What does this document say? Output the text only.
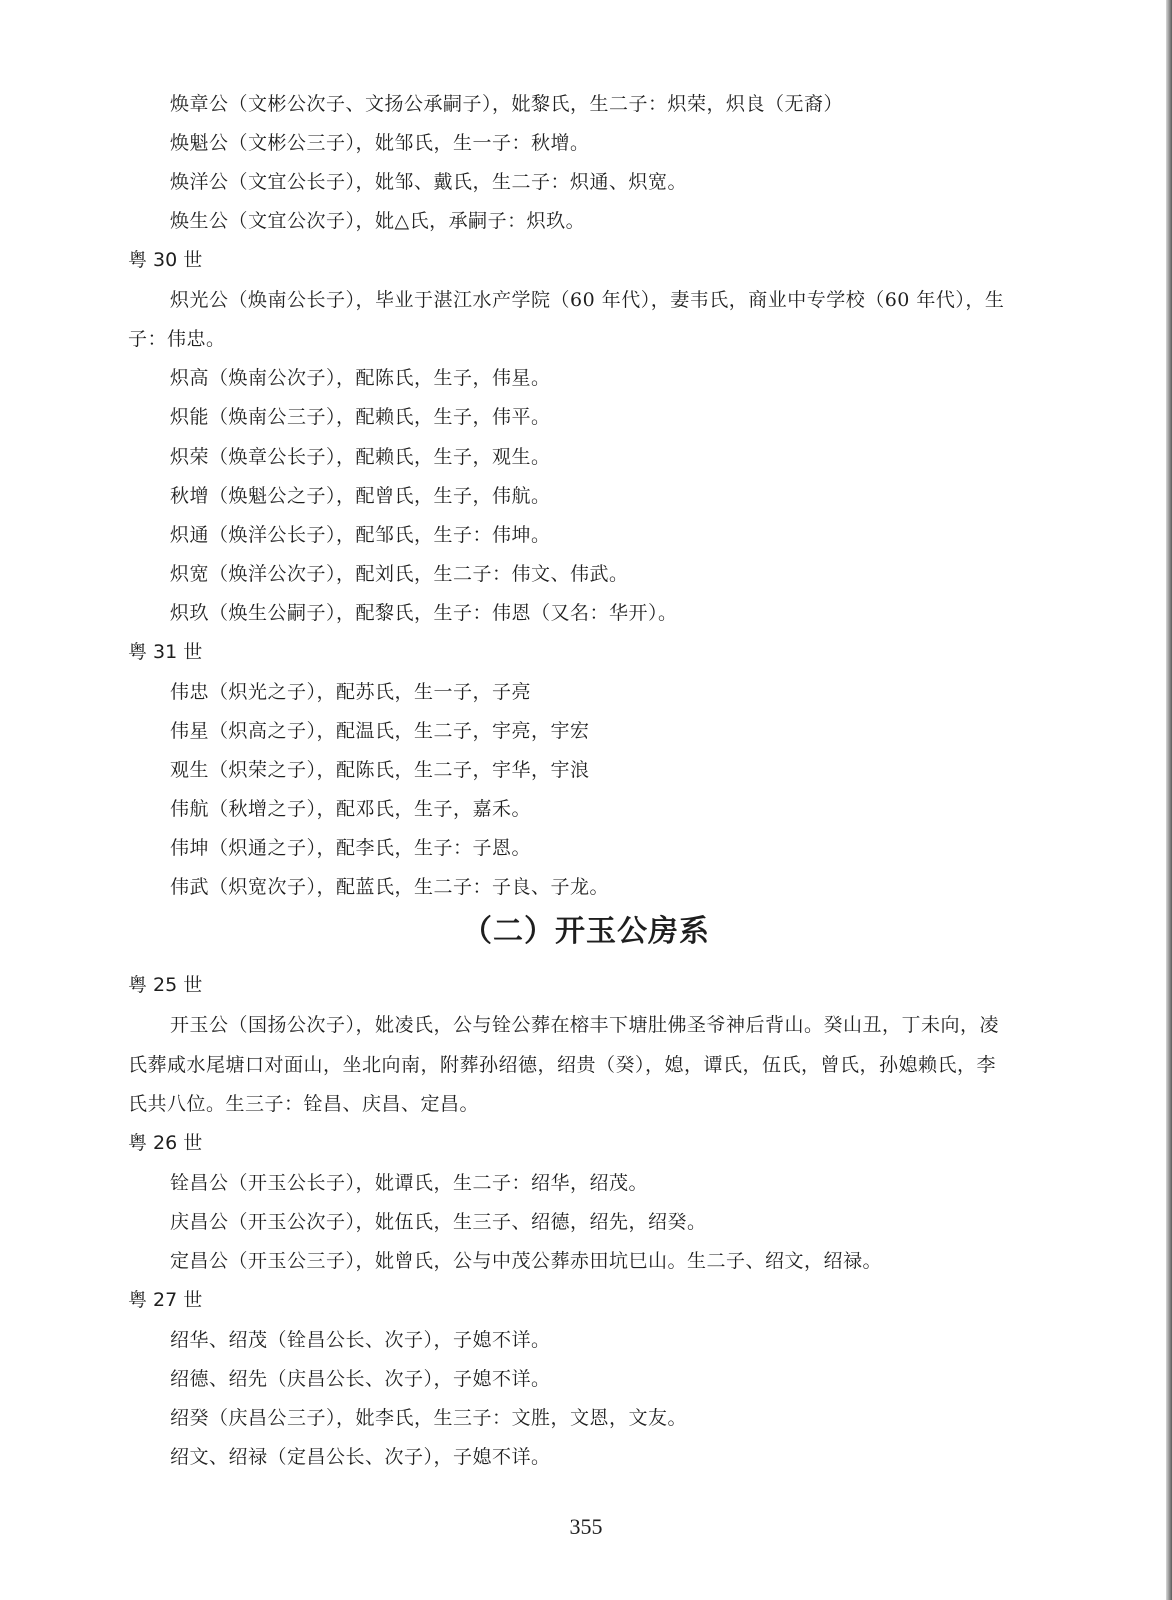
焕章公（文彬公次子、文扬公承嗣子），妣黎氏，生二子：炽荣，炽良（无裔）
焕魁公（文彬公三子），妣邹氏，生一子：秋增。
焕洋公（文宜公长子），妣邹、戴氏，生二子：炽通、炽宽。
焕生公（文宜公次子），妣△氏，承嗣子：炽玖。
粤 30 世
炽光公（焕南公长子），毕业于湛江水产学院（60 年代），妻韦氏，商业中专学校（60 年代），生
子：伟忠。
炽高（焕南公次子），配陈氏，生子，伟星。
炽能（焕南公三子），配赖氏，生子，伟平。
炽荣（焕章公长子），配赖氏，生子，观生。
秋增（焕魁公之子），配曾氏，生子，伟航。
炽通（焕洋公长子），配邹氏，生子：伟坤。
炽宽（焕洋公次子），配刘氏，生二子：伟文、伟武。
炽玖（焕生公嗣子），配黎氏，生子：伟恩（又名：华开）。
粤 31 世
伟忠（炽光之子），配苏氏，生一子，子亮
伟星（炽高之子），配温氏，生二子，宇亮，宇宏
观生（炽荣之子），配陈氏，生二子，宇华，宇浪
伟航（秋增之子），配邓氏，生子，嘉禾。
伟坤（炽通之子），配李氏，生子：子恩。
伟武（炽宽次子），配蓝氏，生二子：子良、子龙。
（二）开玉公房系
粤 25 世
开玉公（国扬公次子），妣凌氏，公与铨公葬在榕丰下塘肚佛圣爷神后背山。癸山丑，丁未向，凌
氏葬咸水尾塘口对面山，坐北向南，附葬孙绍德，绍贵（癸），媳，谭氏，伍氏，曾氏，孙媳赖氏，李
氏共八位。生三子：铨昌、庆昌、定昌。
粤 26 世
铨昌公（开玉公长子），妣谭氏，生二子：绍华，绍茂。
庆昌公（开玉公次子），妣伍氏，生三子、绍德，绍先，绍癸。
定昌公（开玉公三子），妣曾氏，公与中茂公葬赤田坑巳山。生二子、绍文，绍禄。
粤 27 世
绍华、绍茂（铨昌公长、次子），子媳不详。
绍德、绍先（庆昌公长、次子），子媳不详。
绍癸（庆昌公三子），妣李氏，生三子：文胜，文恩，文友。
绍文、绍禄（定昌公长、次子），子媳不详。
355
